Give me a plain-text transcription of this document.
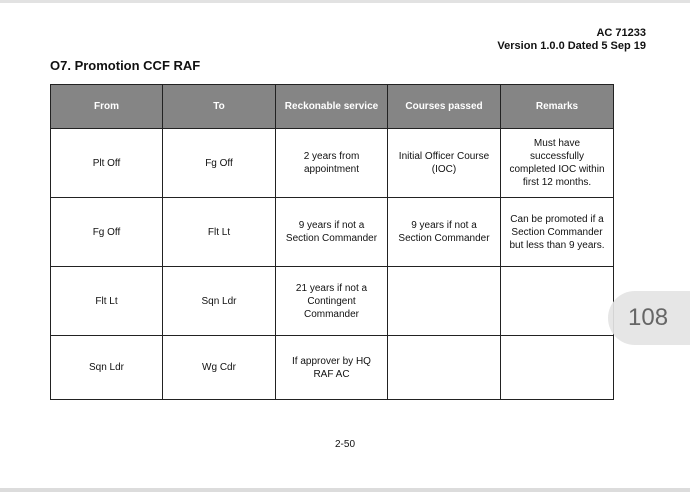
AC 71233
Version 1.0.0 Dated 5 Sep 19
O7. Promotion CCF RAF
From	To	Reckonable service	Courses passed	Remarks
Plt Off	Fg Off	2 years from appointment	Initial Officer Course (IOC)	Must have successfully completed IOC within first 12 months.
Fg Off	Flt Lt	9 years if not a Section Commander	9 years if not a Section Commander	Can be promoted if a Section Commander but less than 9 years.
Flt Lt	Sqn Ldr	21 years if not a Contingent Commander		
Sqn Ldr	Wg Cdr	If approver by HQ RAF AC		
2-50
108
